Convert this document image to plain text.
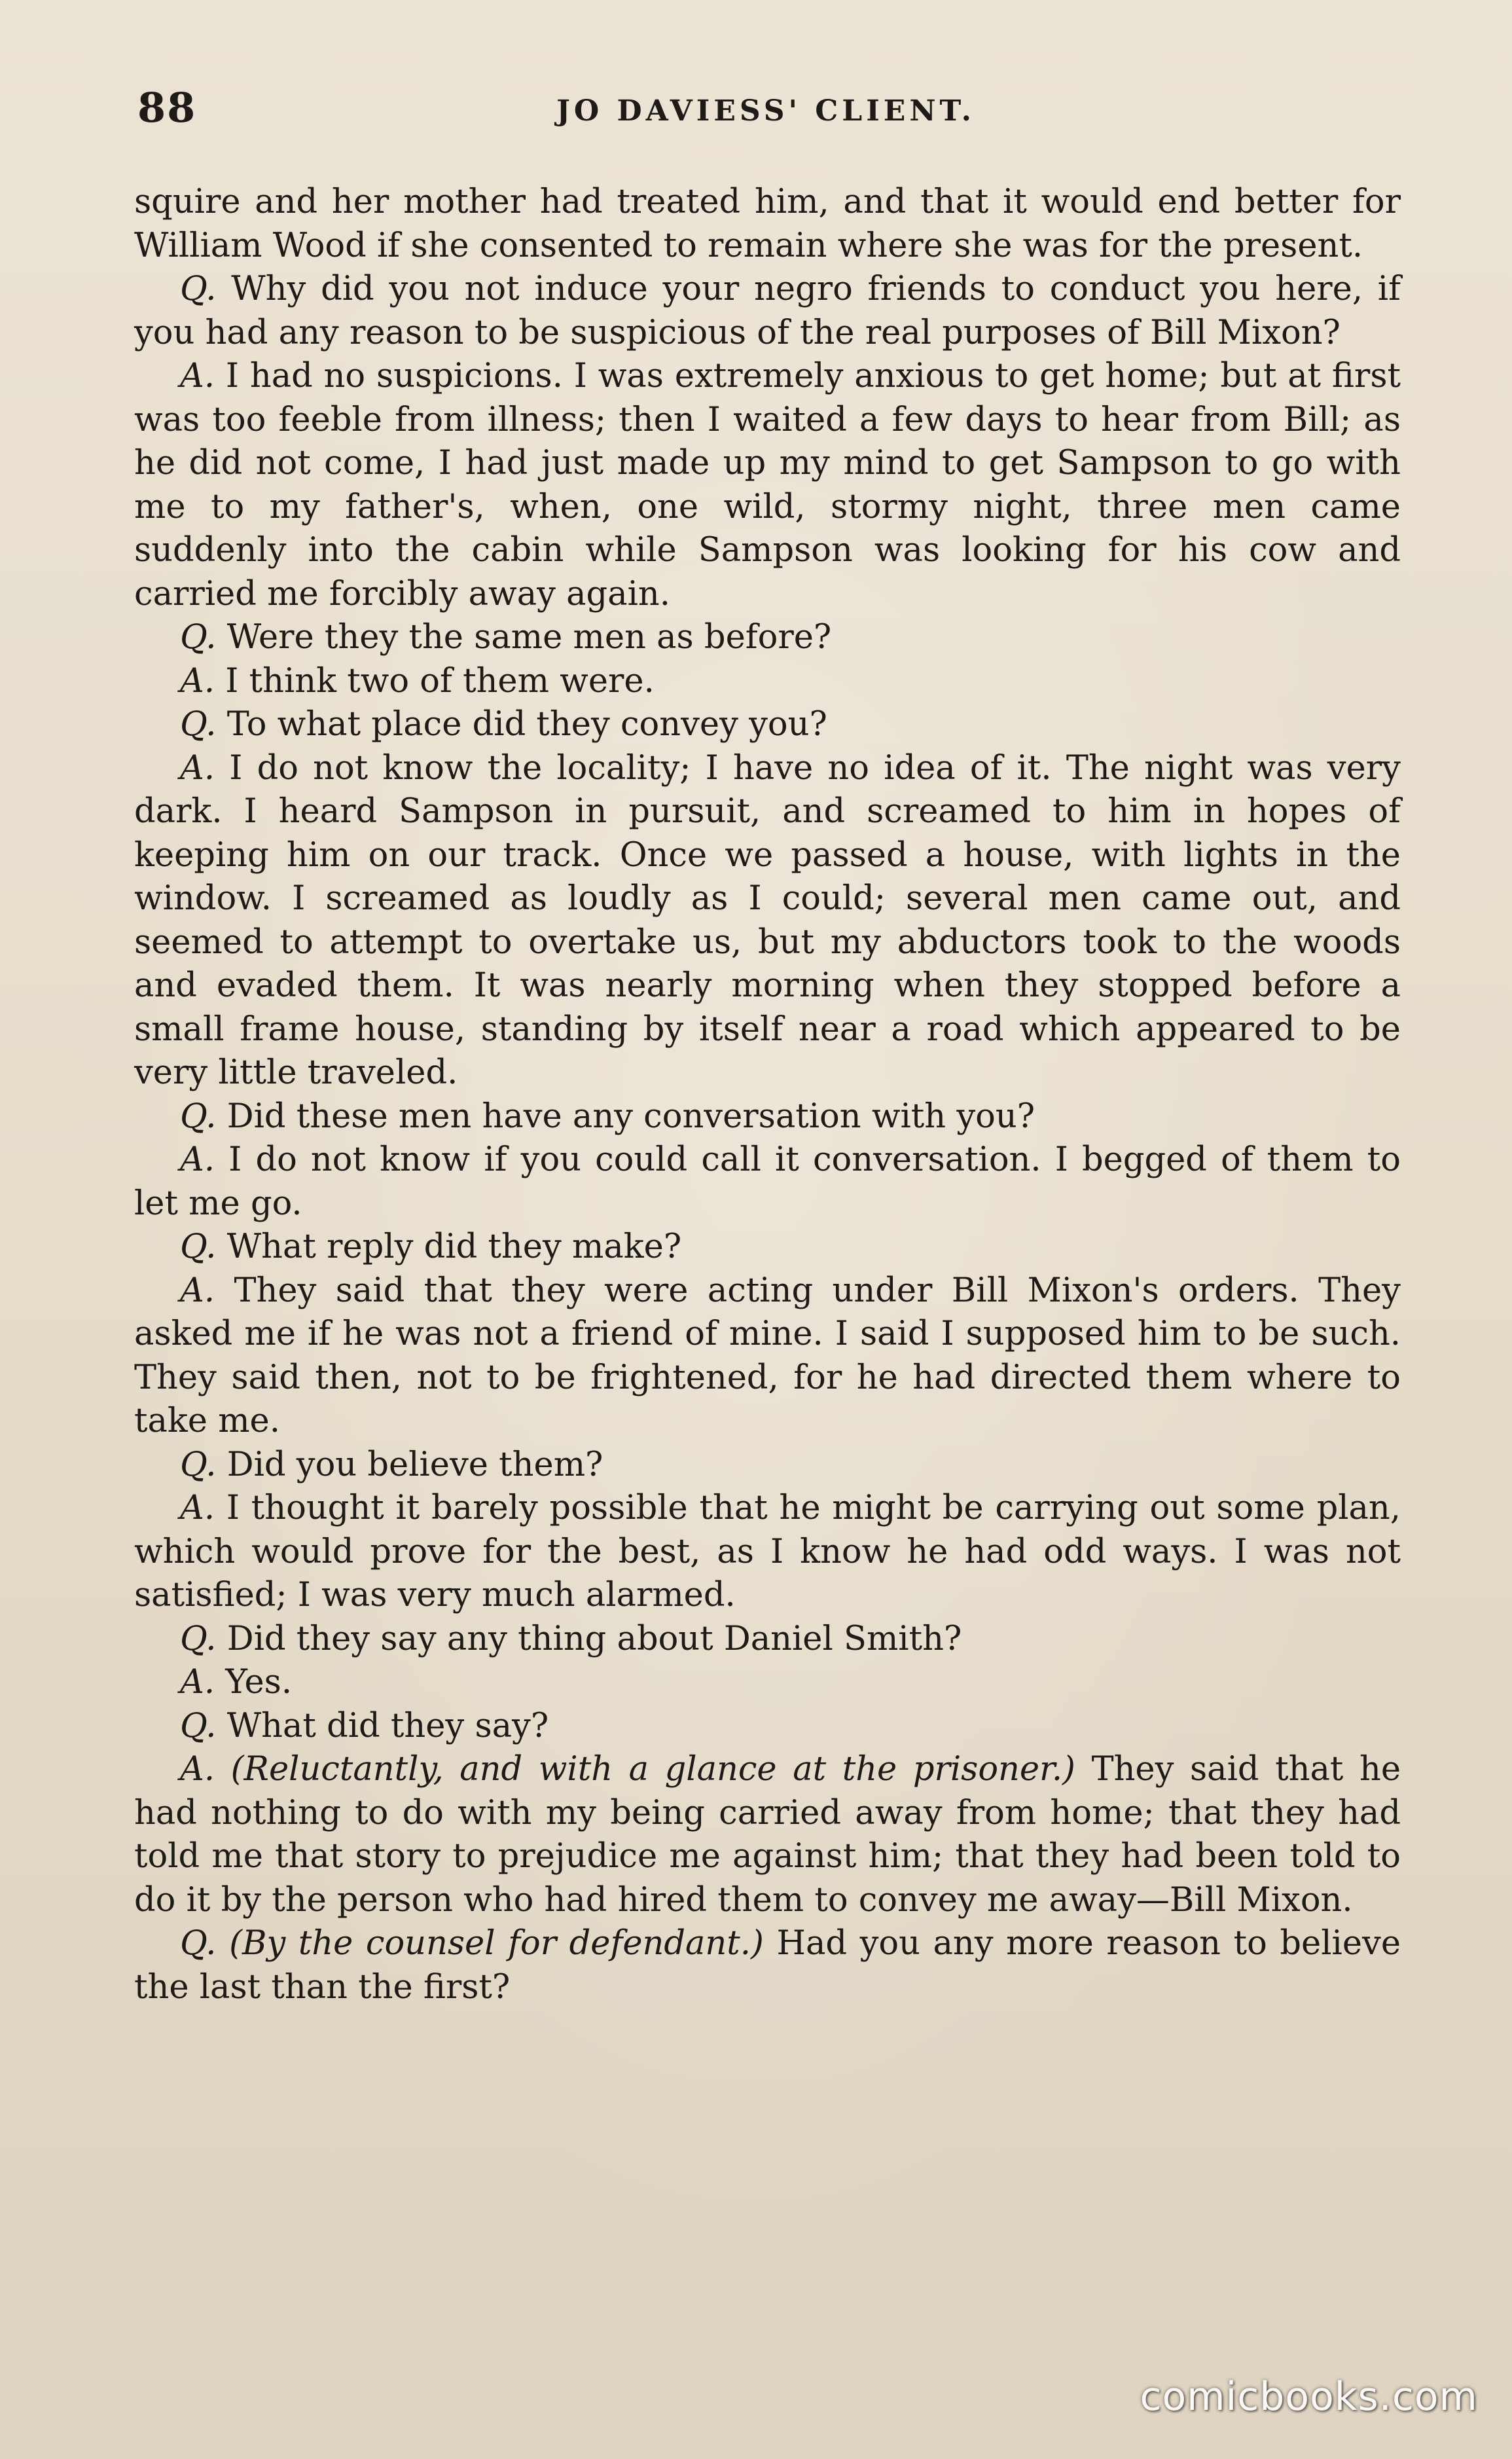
88	JO DAVIESS' CLIENT.

squire and her mother had treated him, and that it would end better for William Wood if she consented to remain where she was for the present.

Q. Why did you not induce your negro friends to conduct you here, if you had any reason to be suspicious of the real purposes of Bill Mixon?

A. I had no suspicions. I was extremely anxious to get home; but at first was too feeble from illness; then I waited a few days to hear from Bill; as he did not come, I had just made up my mind to get Sampson to go with me to my father's, when, one wild, stormy night, three men came suddenly into the cabin while Sampson was looking for his cow and carried me forcibly away again.

Q. Were they the same men as before?

A. I think two of them were.

Q. To what place did they convey you?

A. I do not know the locality; I have no idea of it. The night was very dark. I heard Sampson in pursuit, and screamed to him in hopes of keeping him on our track. Once we passed a house, with lights in the window. I screamed as loudly as I could; several men came out, and seemed to attempt to overtake us, but my abductors took to the woods and evaded them. It was nearly morning when they stopped before a small frame house, standing by itself near a road which appeared to be very little traveled.

Q. Did these men have any conversation with you?

A. I do not know if you could call it conversation. I begged of them to let me go.

Q. What reply did they make?

A. They said that they were acting under Bill Mixon's orders. They asked me if he was not a friend of mine. I said I supposed him to be such. They said then, not to be frightened, for he had directed them where to take me.

Q. Did you believe them?

A. I thought it barely possible that he might be carrying out some plan, which would prove for the best, as I know he had odd ways. I was not satisfied; I was very much alarmed.

Q. Did they say any thing about Daniel Smith?

A. Yes.

Q. What did they say?

A. (Reluctantly, and with a glance at the prisoner.) They said that he had nothing to do with my being carried away from home; that they had told me that story to prejudice me against him; that they had been told to do it by the person who had hired them to convey me away—Bill Mixon.

Q. (By the counsel for defendant.) Had you any more reason to believe the last than the first?

comicbooks.com
